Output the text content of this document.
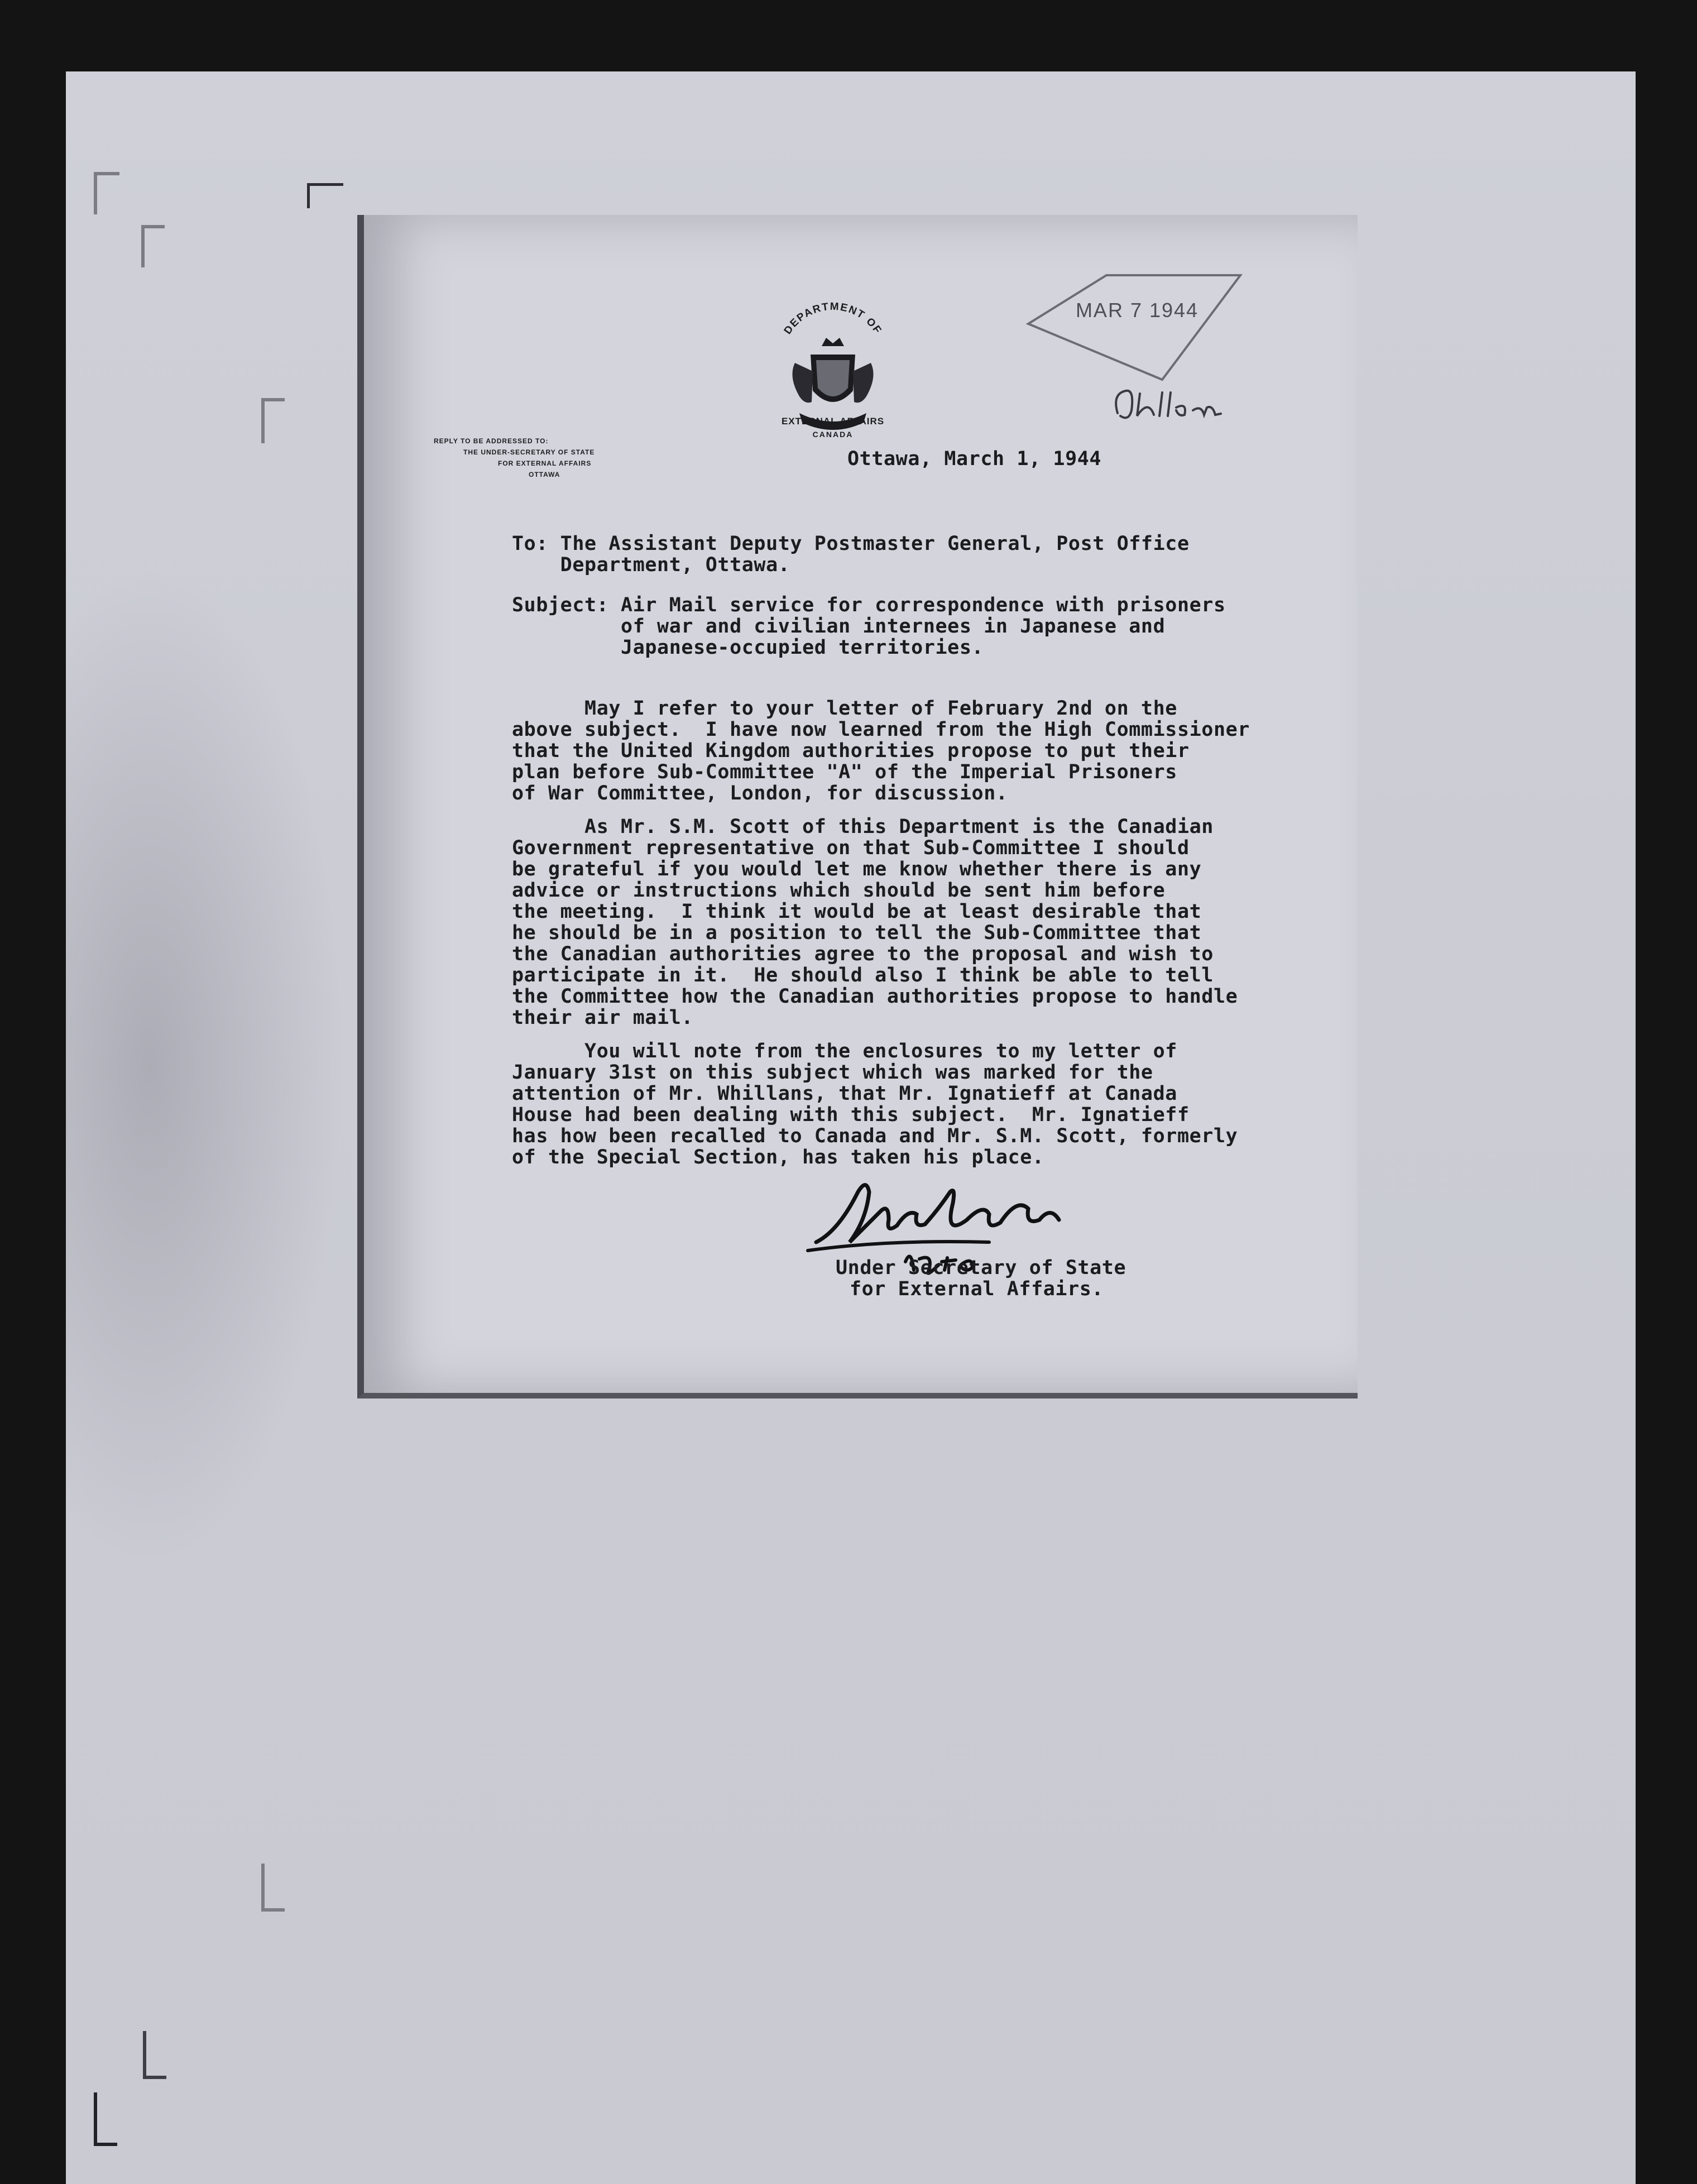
DEPARTMENT OF
EXTERNAL AFFAIRS
CANADA
REPLY TO BE ADDRESSED TO:
THE UNDER-SECRETARY OF STATE
FOR EXTERNAL AFFAIRS
OTTAWA
MAR 7 1944
Ottawa, March 1, 1944
To: The Assistant Deputy Postmaster General, Post Office
Department, Ottawa.
Subject: Air Mail service for correspondence with prisoners
of war and civilian internees in Japanese and
Japanese-occupied territories.
May I refer to your letter of February 2nd on the
above subject.  I have now learned from the High Commissioner
that the United Kingdom authorities propose to put their
plan before Sub-Committee "A" of the Imperial Prisoners
of War Committee, London, for discussion.
As Mr. S.M. Scott of this Department is the Canadian
Government representative on that Sub-Committee I should
be grateful if you would let me know whether there is any
advice or instructions which should be sent him before
the meeting.  I think it would be at least desirable that
he should be in a position to tell the Sub-Committee that
the Canadian authorities agree to the proposal and wish to
participate in it.  He should also I think be able to tell
the Committee how the Canadian authorities propose to handle
their air mail.
You will note from the enclosures to my letter of
January 31st on this subject which was marked for the
attention of Mr. Whillans, that Mr. Ignatieff at Canada
House had been dealing with this subject.  Mr. Ignatieff
has how been recalled to Canada and Mr. S.M. Scott, formerly
of the Special Section, has taken his place.
Under Secretary of State
for External Affairs.
